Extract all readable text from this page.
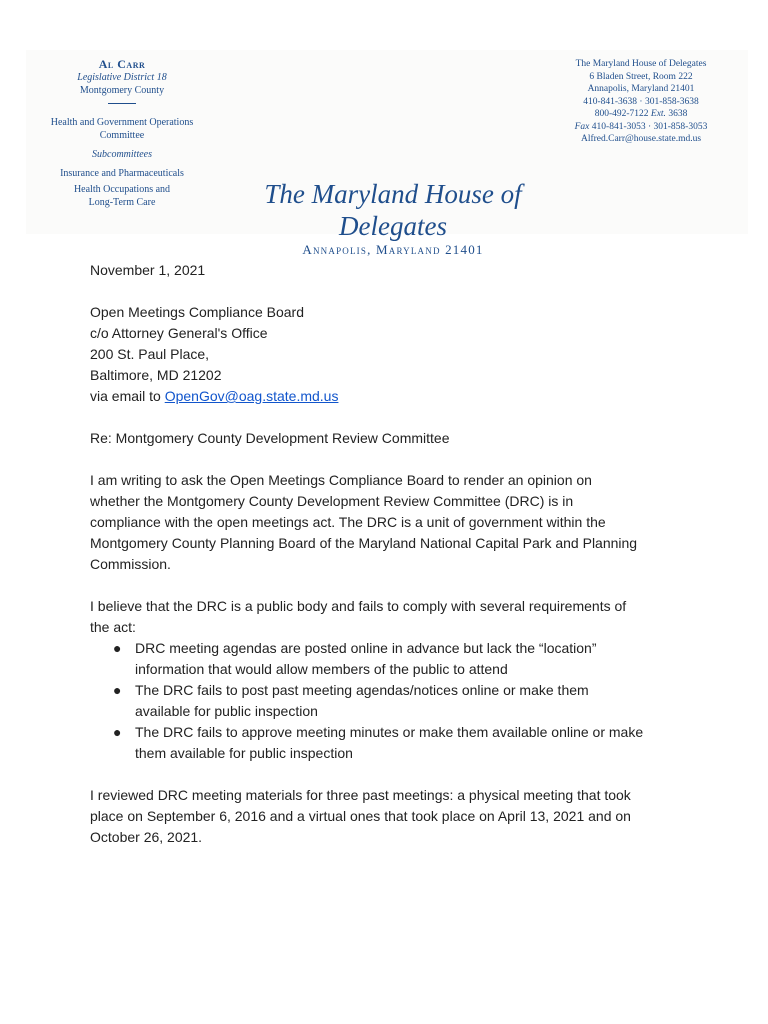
Al Carr
Legislative District 18
Montgomery County
Health and Government Operations
Committee
Subcommittees
Insurance and Pharmaceuticals
Health Occupations and
Long-Term Care
The Maryland House of Delegates
6 Bladen Street, Room 222
Annapolis, Maryland 21401
410-841-3638 · 301-858-3638
800-492-7122 Ext. 3638
Fax 410-841-3053 · 301-858-3053
Alfred.Carr@house.state.md.us
The Maryland House of Delegates
Annapolis, Maryland 21401

November 1, 2021

Open Meetings Compliance Board

c/o Attorney General's Office

200 St. Paul Place,

Baltimore, MD 21202

via email to OpenGov@oag.state.md.us

Re: Montgomery County Development Review Committee

I am writing to ask the Open Meetings Compliance Board to render an opinion on

whether the Montgomery County Development Review Committee (DRC) is in

compliance with the open meetings act. The DRC is a unit of government within the

Montgomery County Planning Board of the Maryland National Capital Park and Planning

Commission.

I believe that the DRC is a public body and fails to comply with several requirements of

the act:

● DRC meeting agendas are posted online in advance but lack the “location”
information that would allow members of the public to attend
● The DRC fails to post past meeting agendas/notices online or make them
available for public inspection
● The DRC fails to approve meeting minutes or make them available online or make
them available for public inspection

I reviewed DRC meeting materials for three past meetings: a physical meeting that took

place on September 6, 2016 and a virtual ones that took place on April 13, 2021 and on

October 26, 2021.
